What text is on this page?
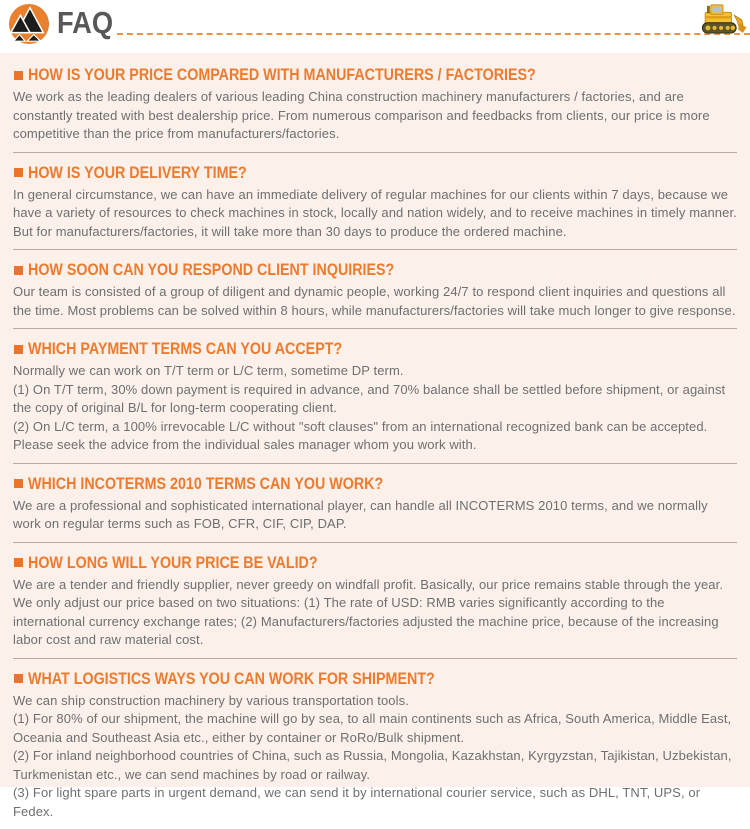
FAQ
HOW IS YOUR PRICE COMPARED WITH MANUFACTURERS / FACTORIES?

We work as the leading dealers of various leading China construction machinery manufacturers / factories, and are constantly treated with best dealership price. From numerous comparison and feedbacks from clients, our price is more competitive than the price from manufacturers/factories.

HOW IS YOUR DELIVERY TIME?

In general circumstance, we can have an immediate delivery of regular machines for our clients within 7 days, because we have a variety of resources to check machines in stock, locally and nation widely, and to receive machines in timely manner. But for manufacturers/factories, it will take more than 30 days to produce the ordered machine.

HOW SOON CAN YOU RESPOND CLIENT INQUIRIES?

Our team is consisted of a group of diligent and dynamic people, working 24/7 to respond client inquiries and questions all the time. Most problems can be solved within 8 hours, while manufacturers/factories will take much longer to give response.

WHICH PAYMENT TERMS CAN YOU ACCEPT?

Normally we can work on T/T term or L/C term, sometime DP term.

(1) On T/T term, 30% down payment is required in advance, and 70% balance shall be settled before shipment, or against the copy of original B/L for long-term cooperating client.

(2) On L/C term, a 100% irrevocable L/C without "soft clauses" from an international recognized bank can be accepted. Please seek the advice from the individual sales manager whom you work with.

WHICH INCOTERMS 2010 TERMS CAN YOU WORK?

We are a professional and sophisticated international player, can handle all INCOTERMS 2010 terms, and we normally work on regular terms such as FOB, CFR, CIF, CIP, DAP.

HOW LONG WILL YOUR PRICE BE VALID?

We are a tender and friendly supplier, never greedy on windfall profit. Basically, our price remains stable through the year. We only adjust our price based on two situations: (1) The rate of USD: RMB varies significantly according to the international currency exchange rates; (2) Manufacturers/factories adjusted the machine price, because of the increasing labor cost and raw material cost.

WHAT LOGISTICS WAYS YOU CAN WORK FOR SHIPMENT?

We can ship construction machinery by various transportation tools.

(1) For 80% of our shipment, the machine will go by sea, to all main continents such as Africa, South America, Middle East, Oceania and Southeast Asia etc., either by container or RoRo/Bulk shipment.

(2) For inland neighborhood countries of China, such as Russia, Mongolia, Kazakhstan, Kyrgyzstan, Tajikistan, Uzbekistan, Turkmenistan etc., we can send machines by road or railway.

(3) For light spare parts in urgent demand, we can send it by international courier service, such as DHL, TNT, UPS, or Fedex.
